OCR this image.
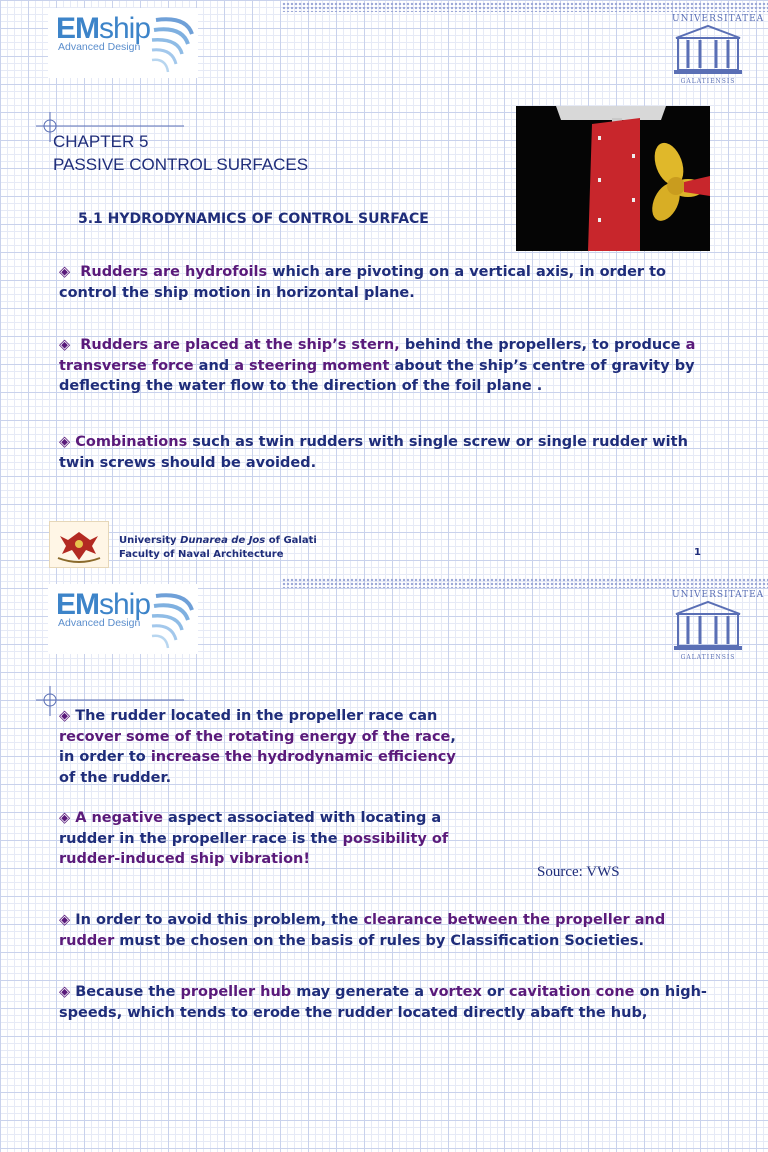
EMship
Advanced Design
UNIVERSITATEA
GALATIENSIS
CHAPTER 5
PASSIVE CONTROL SURFACES
5.1 HYDRODYNAMICS OF CONTROL SURFACE
◈ Rudders are hydrofoils which are pivoting on a vertical axis, in order to control the ship motion in horizontal plane.
◈ Rudders are placed at the ship’s stern, behind the propellers, to produce a transverse force and a steering moment about the ship’s centre of gravity by deflecting the water flow to the direction of the foil plane .
◈ Combinations such as twin rudders with single screw or single rudder with twin screws should be avoided.
University Dunarea de Jos of Galati
Faculty of Naval Architecture	1
EMship
Advanced Design
UNIVERSITATEA
GALATIENSIS
Source: VWS
◈ The rudder located in the propeller race can recover some of the rotating energy of the race, in order to increase the hydrodynamic efficiency of the rudder.
◈ A negative aspect associated with locating a rudder in the propeller race is the possibility of rudder-induced ship vibration!
◈ In order to avoid this problem, the clearance between the propeller and rudder must be chosen on the basis of rules by Classification Societies.
◈ Because the propeller hub may generate a vortex or cavitation cone on high-speeds, which tends to erode the rudder located directly abaft the hub,
